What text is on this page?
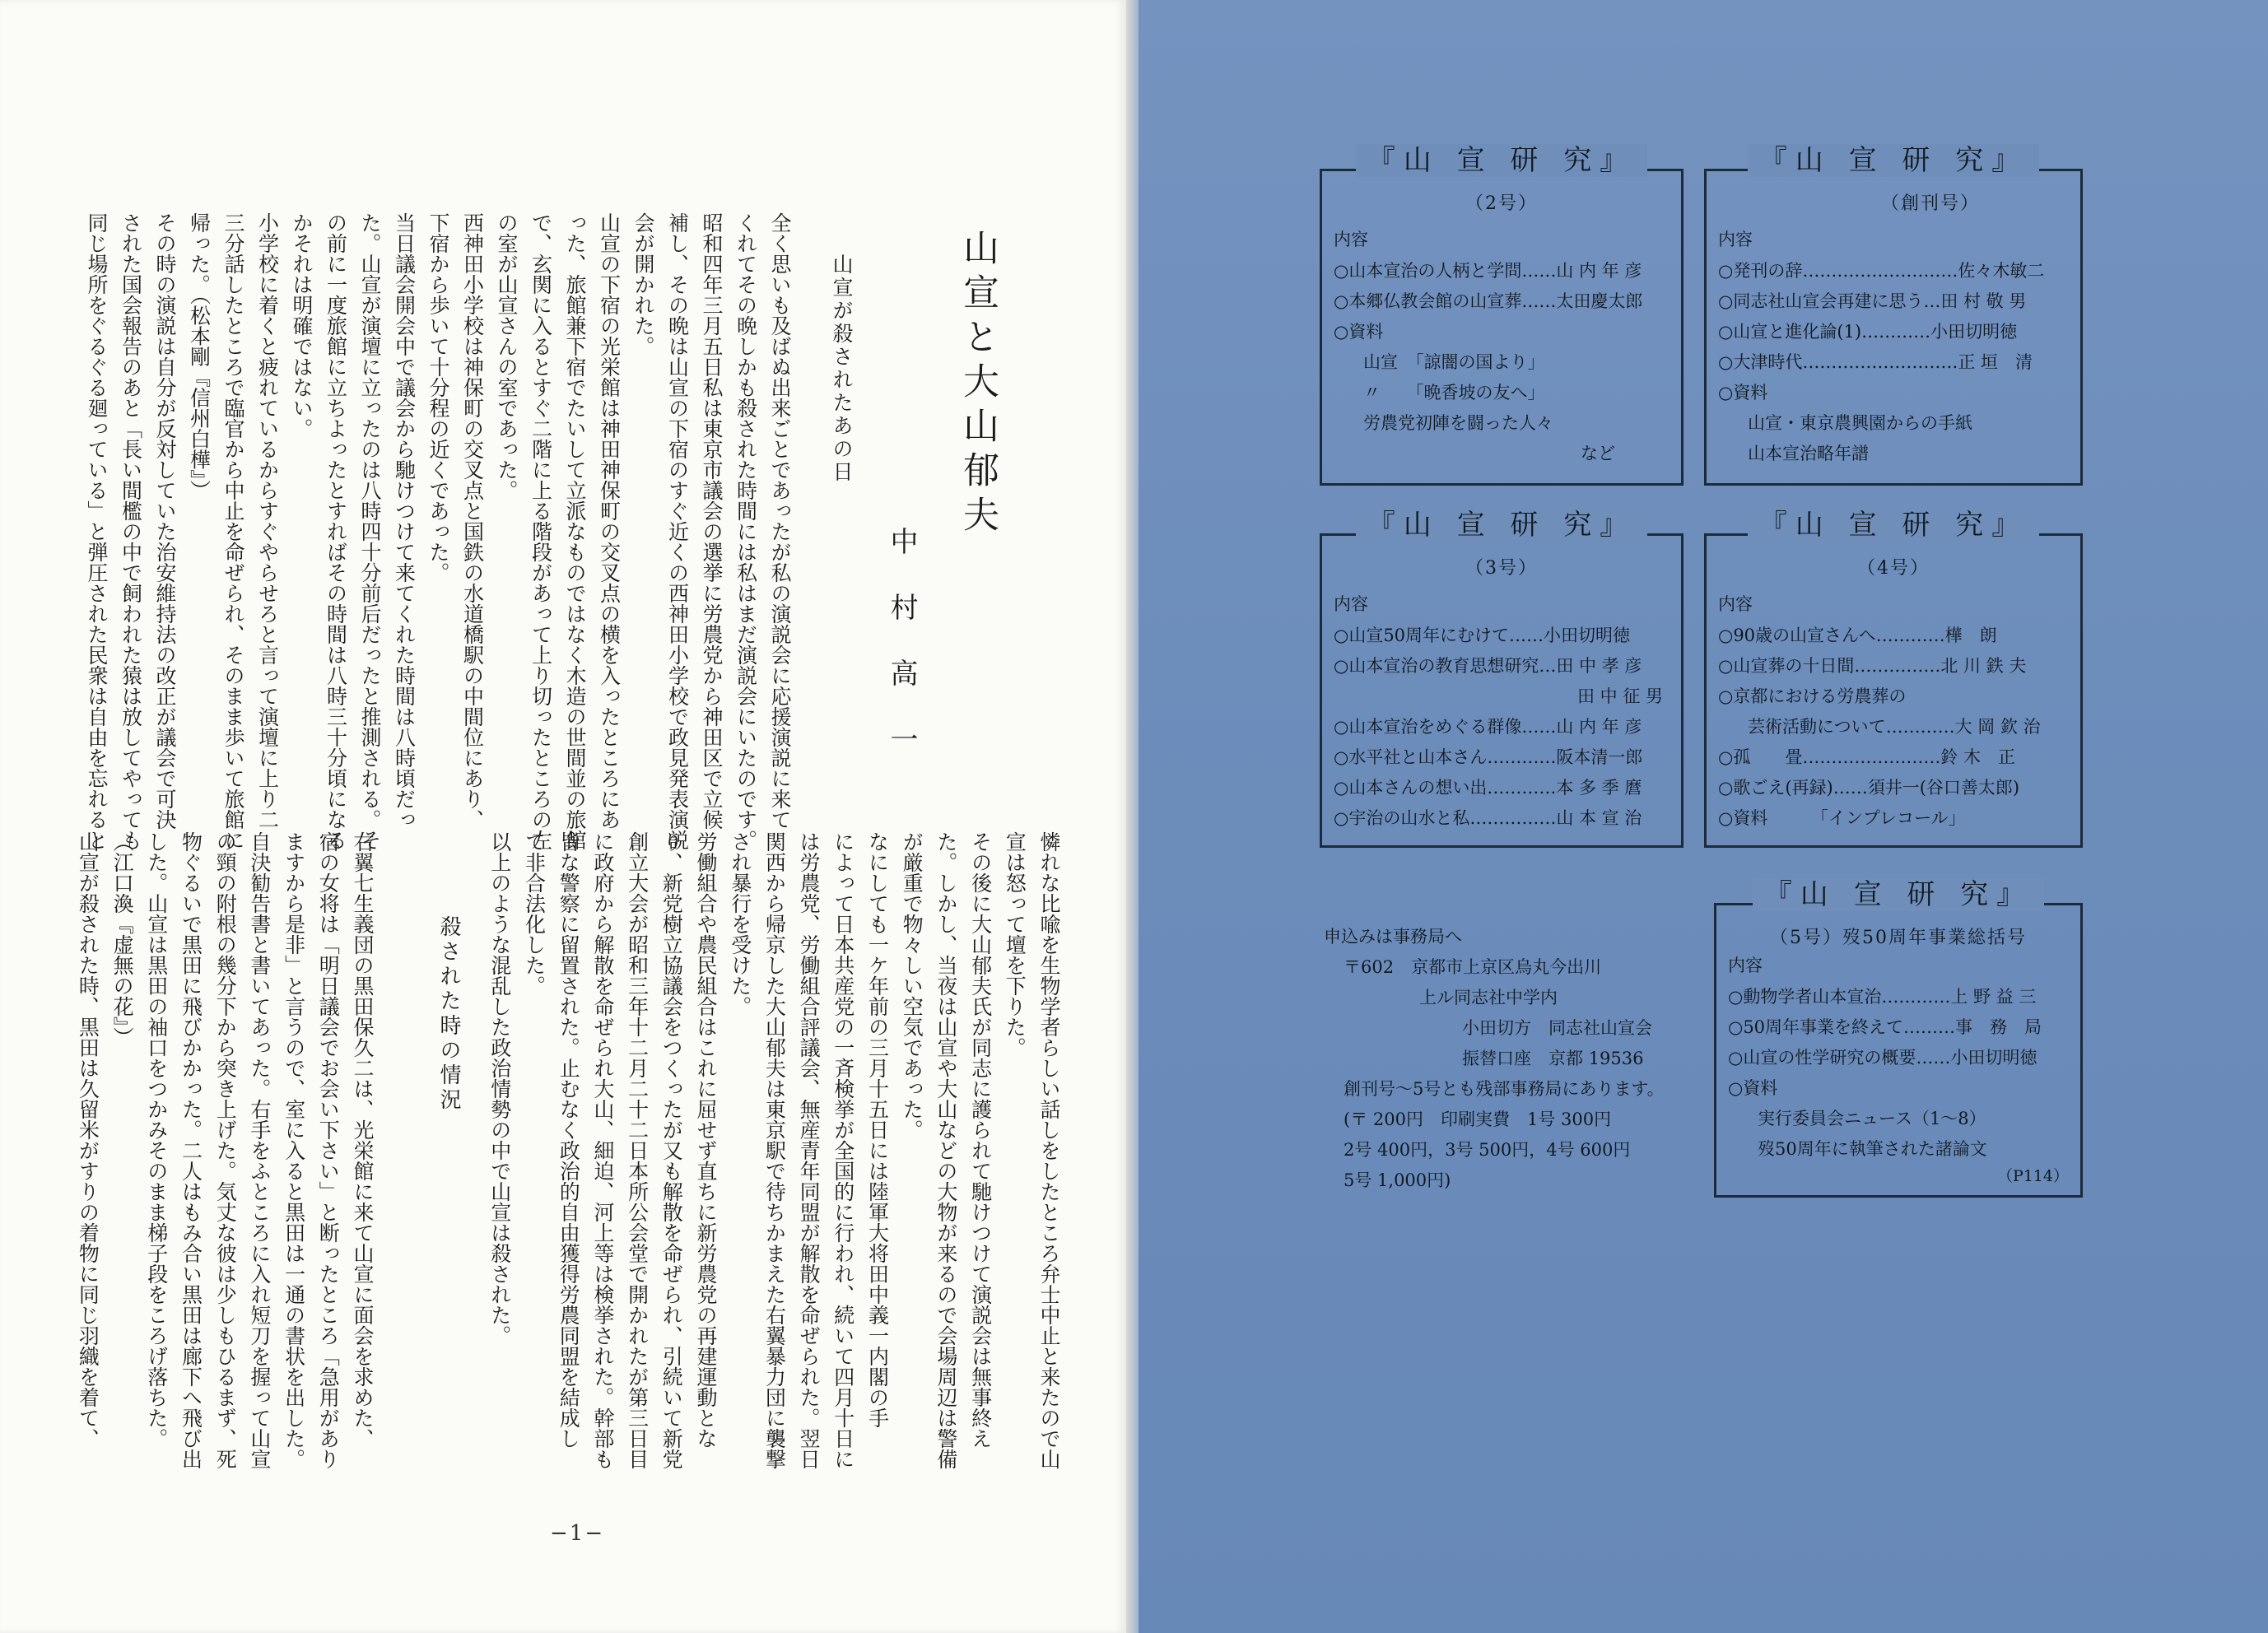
山宣と大山郁夫
中村高一
山宣が殺されたあの日
全く思いも及ばぬ出来ごとであったが私の演説会に応援演説に来て
くれてその晩しかも殺された時間には私はまだ演説会にいたのです。
昭和四年三月五日私は東京市議会の選挙に労農党から神田区で立候
補し、その晩は山宣の下宿のすぐ近くの西神田小学校で政見発表演説
会が開かれた。
山宣の下宿の光栄館は神田神保町の交叉点の横を入ったところにあ
った、旅館兼下宿でたいして立派なものではなく木造の世間並の旅館
で、玄関に入るとすぐ二階に上る階段があって上り切ったところの左
の室が山宣さんの室であった。
西神田小学校は神保町の交叉点と国鉄の水道橋駅の中間位にあり、
下宿から歩いて十分程の近くであった。
当日議会開会中で議会から馳けつけて来てくれた時間は八時頃だっ
た。山宣が演壇に立ったのは八時四十分前后だったと推測される。そ
の前に一度旅館に立ちよったとすればその時間は八時三十分頃になる
かそれは明確ではない。
小学校に着くと疲れているからすぐやらせろと言って演壇に上り二
三分話したところで臨官から中止を命ぜられ、そのまま歩いて旅館に
帰った。（松本剛『信州白樺』）
その時の演説は自分が反対していた治安維持法の改正が議会で可決
された国会報告のあと「長い間檻の中で飼われた猿は放してやっても
同じ場所をぐるぐる廻っている」と弾圧された民衆は自由を忘れると
憐れな比喩を生物学者らしい話しをしたところ弁士中止と来たので山
宣は怒って壇を下りた。
その後に大山郁夫氏が同志に護られて馳けつけて演説会は無事終え
た。しかし、当夜は山宣や大山などの大物が来るので会場周辺は警備
が厳重で物々しい空気であった。
なにしても一ケ年前の三月十五日には陸軍大将田中義一内閣の手
によって日本共産党の一斉検挙が全国的に行われ、続いて四月十日に
は労農党、労働組合評議会、無産青年同盟が解散を命ぜられた。翌日
関西から帰京した大山郁夫は東京駅で待ちかまえた右翼暴力団に襲撃
され暴行を受けた。
労働組合や農民組合はこれに屈せず直ちに新労農党の再建運動とな
り、新党樹立協議会をつくったが又も解散を命ぜられ、引続いて新党
創立大会が昭和三年十二月二十二日本所公会堂で開かれたが第三日目
に政府から解散を命ぜられ大山、細迫、河上等は検挙された。幹部も
皆な警察に留置された。止むなく政治的自由獲得労農同盟を結成し
て非合法化した。
以上のような混乱した政治情勢の中で山宣は殺された。
右翼七生義団の黒田保久二は、光栄館に来て山宣に面会を求めた、
宿の女将は「明日議会でお会い下さい」と断ったところ「急用があり
ますから是非」と言うので、室に入ると黒田は一通の書状を出した。
自決勧告書と書いてあった。右手をふところに入れ短刀を握って山宣
の頸の附根の幾分下から突き上げた。気丈な彼は少しもひるまず、死
物ぐるいで黒田に飛びかかった。二人はもみ合い黒田は廊下へ飛び出
した。山宣は黒田の袖口をつかみそのまま梯子段をころげ落ちた。
（江口渙『虚無の花』）
山宣が殺された時、黒田は久留米がすりの着物に同じ羽織を着て、	殺された時の情況
−1−
『山 宣 研 究』
（2号）
内容
○山本宣治の人柄と学問……山 内 年 彦
○本郷仏教会館の山宣葬……太田慶太郎
○資料
山宣　「諒闇の国より」
〃　　「晩香坡の友へ」
労農党初陣を闘った人々
など
『山 宣 研 究』
（創刊号）
内容
○発刊の辞………………………佐々木敏二
○同志社山宣会再建に思う…田 村 敬 男
○山宣と進化論(1)…………小田切明徳
○大津時代………………………正 垣　清
○資料
山宣・東京農興園からの手紙
山本宣治略年譜
『山 宣 研 究』
（3号）
内容
○山宣50周年にむけて……小田切明徳
○山本宣治の教育思想研究…田 中 孝 彦
田 中 征 男
○山本宣治をめぐる群像……山 内 年 彦
○水平社と山本さん…………阪本清一郎
○山本さんの想い出…………本 多 季 麿
○宇治の山水と私……………山 本 宣 治
『山 宣 研 究』
（4号）
内容
○90歳の山宣さんへ…………樺　朗
○山宣葬の十日間……………北 川 鉄 夫
○京都における労農葬の
芸術活動について…………大 岡 欽 治
○孤　　畳……………………鈴 木　正
○歌ごえ(再録)……須井一(谷口善太郎)
○資料　　　「インプレコール」
申込みは事務局へ
〒602　京都市上京区烏丸今出川
上ル同志社中学内
小田切方　同志社山宣会
振替口座　京都 19536
創刊号〜5号とも残部事務局にあります。
(〒 200円　印刷実費　1号 300円
2号 400円，3号 500円，4号 600円
5号 1,000円)
『山 宣 研 究』
（5号）歿50周年事業総括号
内容
○動物学者山本宣治…………上 野 益 三
○50周年事業を終えて………事　務　局
○山宣の性学研究の概要……小田切明徳
○資料
実行委員会ニュース（1〜8）
歿50周年に執筆された諸論文
（P114）
